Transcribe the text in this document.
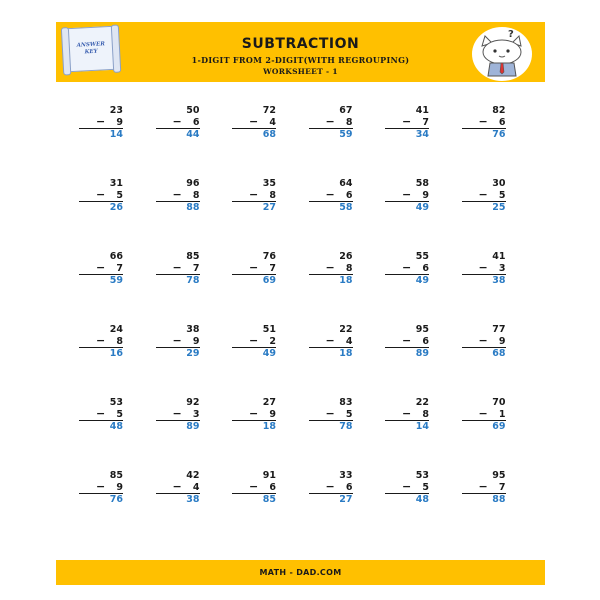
ANSWER KEY	SUBTRACTION
1-DIGIT FROM 2-DIGIT(WITH REGROUPING)
WORKSHEET - 1
?
23
− 9
14
50
− 6
44
72
− 4
68
67
− 8
59
41
− 7
34
82
− 6
76
31
− 5
26
96
− 8
88
35
− 8
27
64
− 6
58
58
− 9
49
30
− 5
25
66
− 7
59
85
− 7
78
76
− 7
69
26
− 8
18
55
− 6
49
41
− 3
38
24
− 8
16
38
− 9
29
51
− 2
49
22
− 4
18
95
− 6
89
77
− 9
68
53
− 5
48
92
− 3
89
27
− 9
18
83
− 5
78
22
− 8
14
70
− 1
69
85
− 9
76
42
− 4
38
91
− 6
85
33
− 6
27
53
− 5
48
95
− 7
88
MATH - DAD.COM
